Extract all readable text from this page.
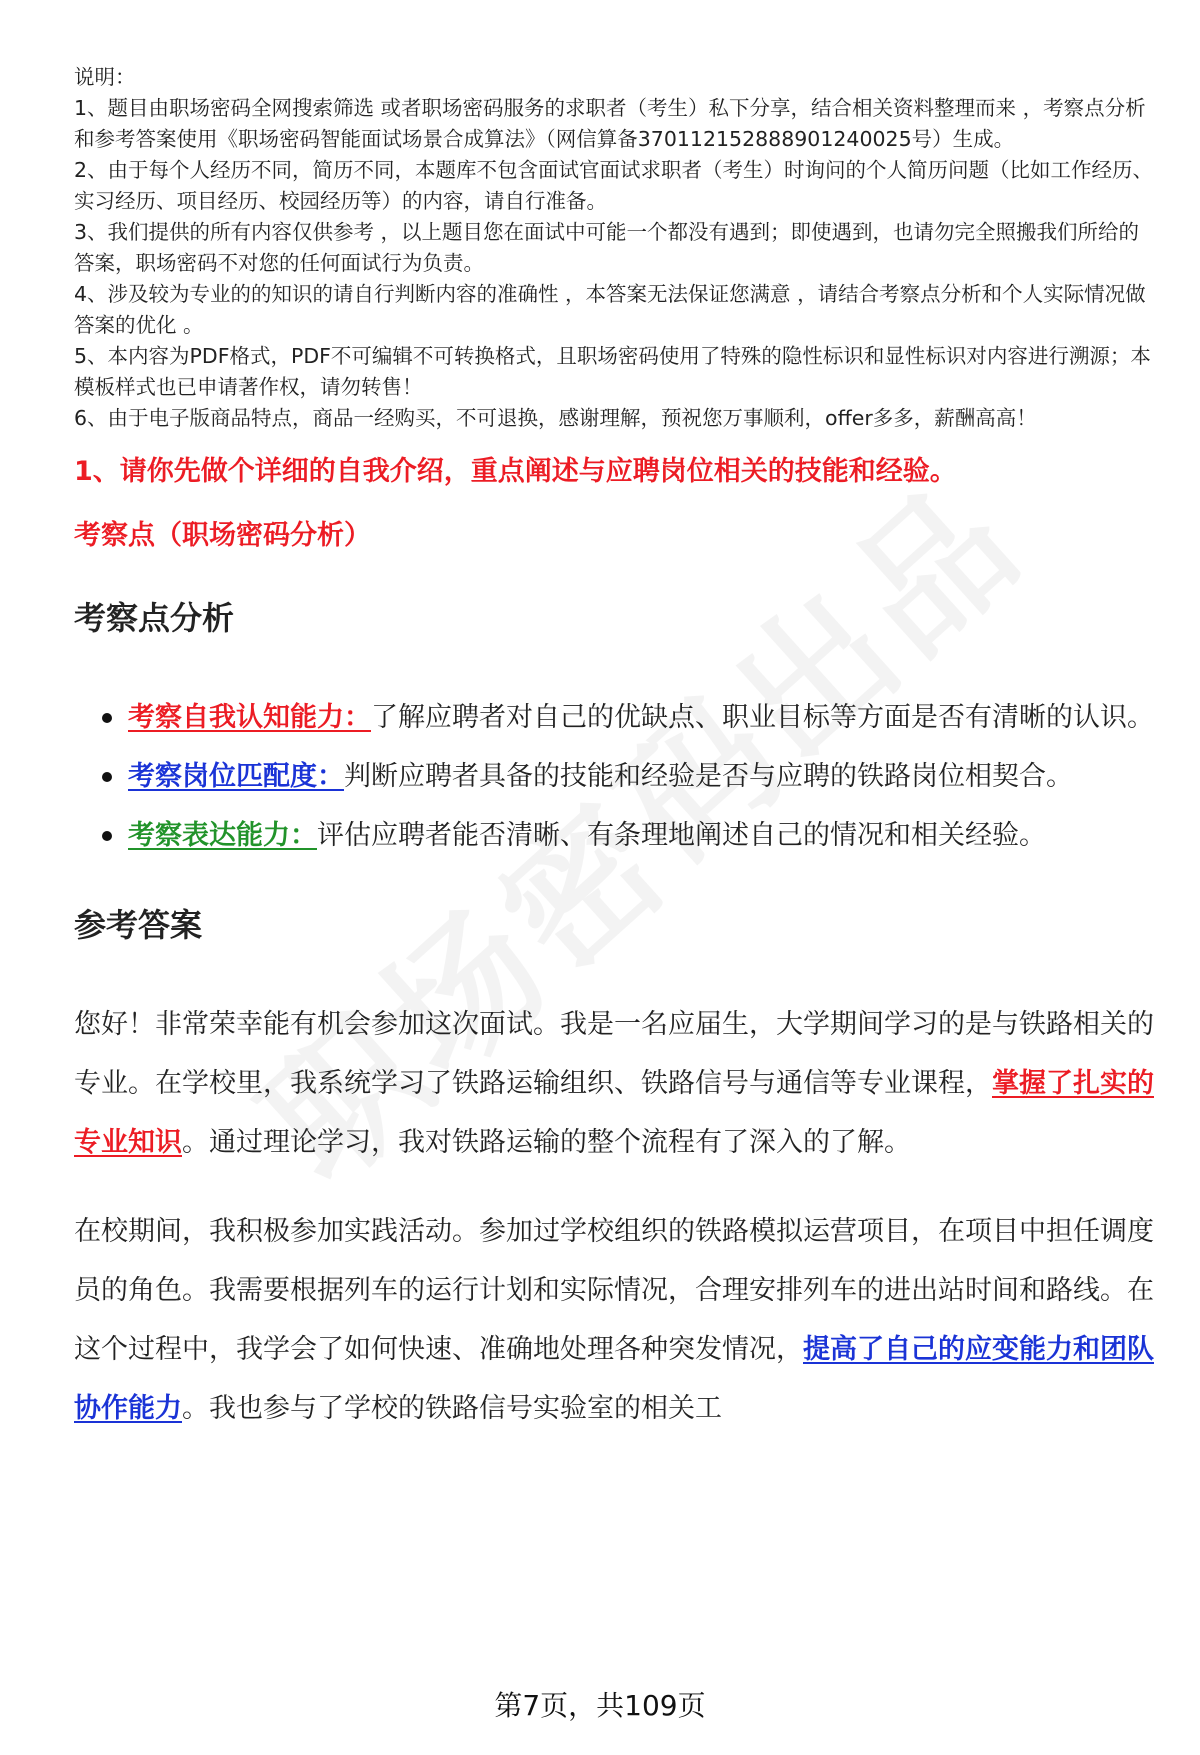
说明：

1、题目由职场密码全网搜索筛选 或者职场密码服务的求职者（考生）私下分享，结合相关资料整理而来 ，考察点分析和参考答案使用《职场密码智能面试场景合成算法》（网信算备370112152888901240025号）生成。

2、由于每个人经历不同，简历不同，本题库不包含面试官面试求职者（考生）时询问的个人简历问题（比如工作经历、实习经历、项目经历、校园经历等）的内容，请自行准备。

3、我们提供的所有内容仅供参考 ，以上题目您在面试中可能一个都没有遇到；即使遇到，也请勿完全照搬我们所给的答案，职场密码不对您的任何面试行为负责。

4、涉及较为专业的的知识的请自行判断内容的准确性 ，本答案无法保证您满意 ，请结合考察点分析和个人实际情况做答案的优化 。

5、本内容为PDF格式，PDF不可编辑不可转换格式，且职场密码使用了特殊的隐性标识和显性标识对内容进行溯源；本模板样式也已申请著作权，请勿转售！

6、由于电子版商品特点，商品一经购买，不可退换，感谢理解，预祝您万事顺利，offer多多，薪酬高高！

1、请你先做个详细的自我介绍，重点阐述与应聘岗位相关的技能和经验。
考察点（职场密码分析）
考察点分析
考察自我认知能力：了解应聘者对自己的优缺点、职业目标等方面是否有清晰的认识。
考察岗位匹配度：判断应聘者具备的技能和经验是否与应聘的铁路岗位相契合。
考察表达能力：评估应聘者能否清晰、有条理地阐述自己的情况和相关经验。
参考答案

您好！非常荣幸能有机会参加这次面试。我是一名应届生，大学期间学习的是与铁路相关的专业。在学校里，我系统学习了铁路运输组织、铁路信号与通信等专业课程，掌握了扎实的专业知识。通过理论学习，我对铁路运输的整个流程有了深入的了解。

在校期间，我积极参加实践活动。参加过学校组织的铁路模拟运营项目，在项目中担任调度员的角色。我需要根据列车的运行计划和实际情况，合理安排列车的进出站时间和路线。在这个过程中，我学会了如何快速、准确地处理各种突发情况，提高了自己的应变能力和团队协作能力。我也参与了学校的铁路信号实验室的相关工

第7页，共109页
